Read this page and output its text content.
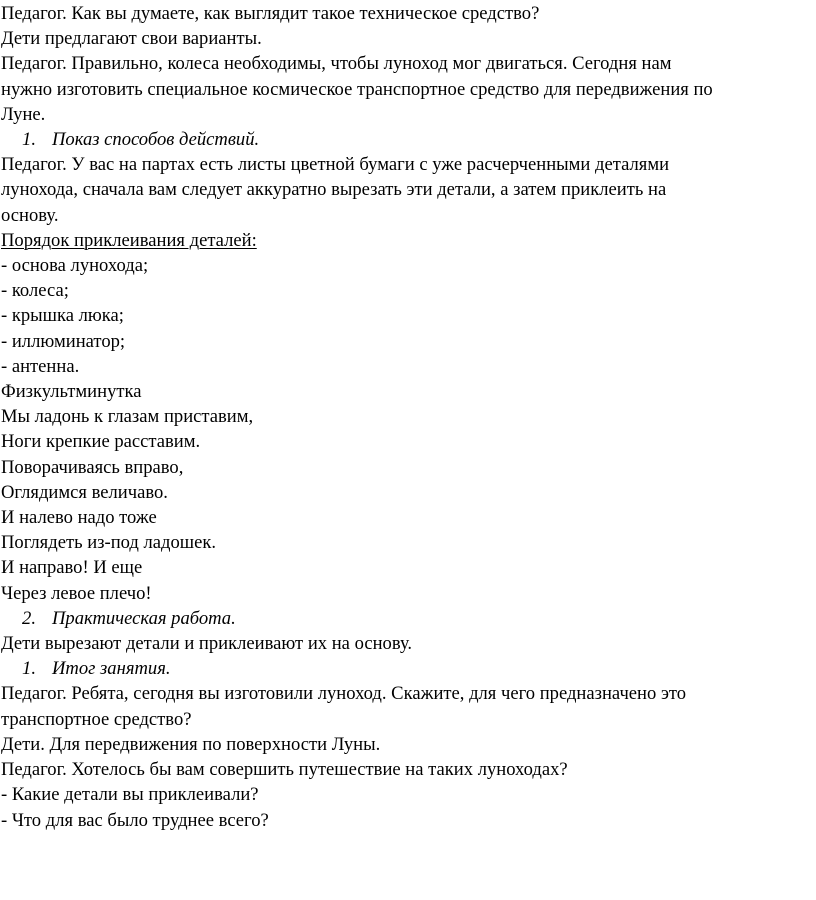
Педагог. Как вы думаете, как выглядит такое техническое средство?
Дети предлагают свои варианты.
Педагог. Правильно, колеса необходимы, чтобы луноход мог двигаться. Сегодня нам
нужно изготовить специальное космическое транспортное средство для передвижения по
Луне.
1. Показ способов действий.
Педагог. У вас на партах есть листы цветной бумаги с уже расчерченными деталями
лунохода, сначала вам следует аккуратно вырезать эти детали, а затем приклеить на
основу.
Порядок приклеивания деталей:
- основа лунохода;
- колеса;
- крышка люка;
- иллюминатор;
- антенна.
Физкультминутка
Мы ладонь к глазам приставим,
Ноги крепкие расставим.
Поворачиваясь вправо,
Оглядимся величаво.
И налево надо тоже
Поглядеть из-под ладошек.
И направо! И еще
Через левое плечо!
2. Практическая работа.
Дети вырезают детали и приклеивают их на основу.
1. Итог занятия.
Педагог. Ребята, сегодня вы изготовили луноход. Скажите, для чего предназначено это
транспортное средство?
Дети. Для передвижения по поверхности Луны.
Педагог. Хотелось бы вам совершить путешествие на таких луноходах?
- Какие детали вы приклеивали?
- Что для вас было труднее всего?
